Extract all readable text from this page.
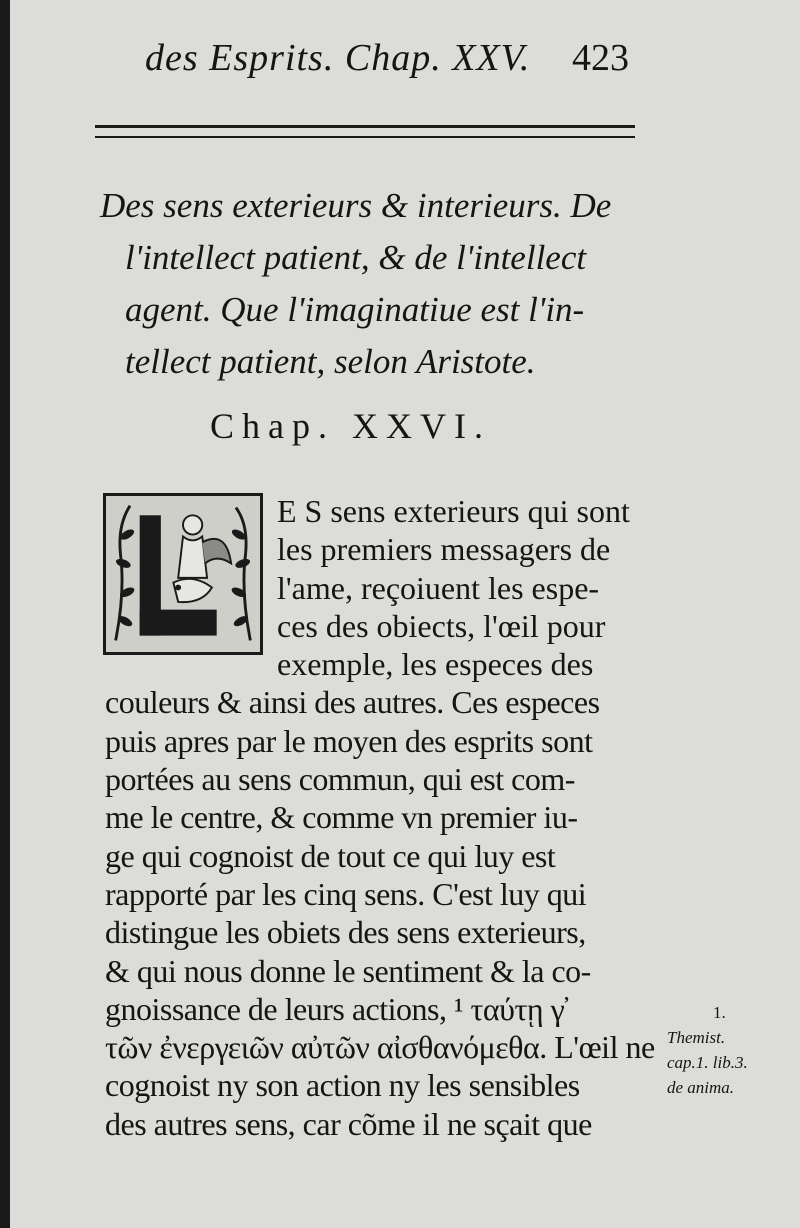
des Esprits. Chap. XXV. 423
Des sens exterieurs & interieurs. De
l'intellect patient, & de l'intellect
agent. Que l'imaginatiue est l'in-
tellect patient, selon Aristote.
Chap. XXVI.
E S sens exterieurs qui sont
les premiers messagers de
l'ame, reçoiuent les espe-
ces des obiects, l'œil pour
exemple, les especes des
couleurs & ainsi des autres. Ces especes
puis apres par le moyen des esprits sont
portées au sens commun, qui est com-
me le centre, & comme vn premier iu-
ge qui cognoist de tout ce qui luy est
rapporté par les cinq sens. C'est luy qui
distingue les obiets des sens exterieurs,
& qui nous donne le sentiment & la co-
gnoissance de leurs actions, ¹ ταύτῃ γ̕
τῶν ἐνεργειῶν αὐτῶν αἰσθανόμεθα. L'œil ne
cognoist ny son action ny les sensibles
des autres sens, car cõme il ne sçait que
1.
Themist.
cap.1. lib.3.
de anima.
